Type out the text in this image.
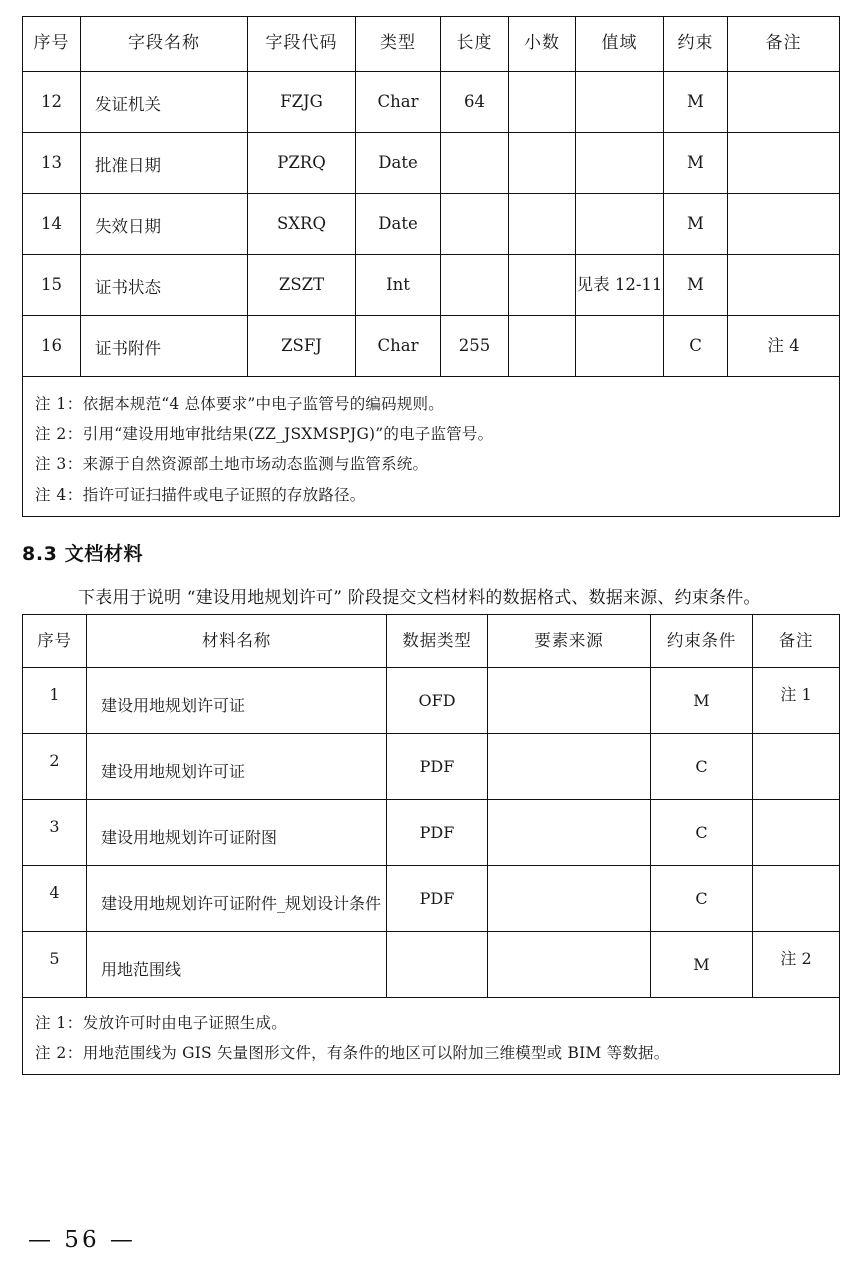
序号	字段名称	字段代码	类型	长度	小数	值域	约束	备注

12	发证机关	FZJG	Char	64			M	

13	批准日期	PZRQ	Date				M	

14	失效日期	SXRQ	Date				M	

15	证书状态	ZSZT	Int			见表 12-11	M	

16	证书附件	ZSFJ	Char	255			C	注 4

注 1：依据本规范“4 总体要求”中电子监管号的编码规则。
注 2：引用“建设用地审批结果(ZZ_JSXMSPJG)”的电子监管号。
注 3：来源于自然资源部土地市场动态监测与监管系统。
注 4：指许可证扫描件或电子证照的存放路径。								
8.3 文档材料
下表用于说明 “建设用地规划许可” 阶段提交文档材料的数据格式、数据来源、约束条件。
序号	材料名称	数据类型	要素来源	约束条件	备注

1	建设用地规划许可证	OFD		M	注 1

2	建设用地规划许可证	PDF		C	

3	建设用地规划许可证附图	PDF		C	

4	建设用地规划许可证附件_规划设计条件	PDF		C	

5	用地范围线			M	注 2

注 1：发放许可时由电子证照生成。
注 2：用地范围线为 GIS 矢量图形文件，有条件的地区可以附加三维模型或 BIM 等数据。					
— 56 —
